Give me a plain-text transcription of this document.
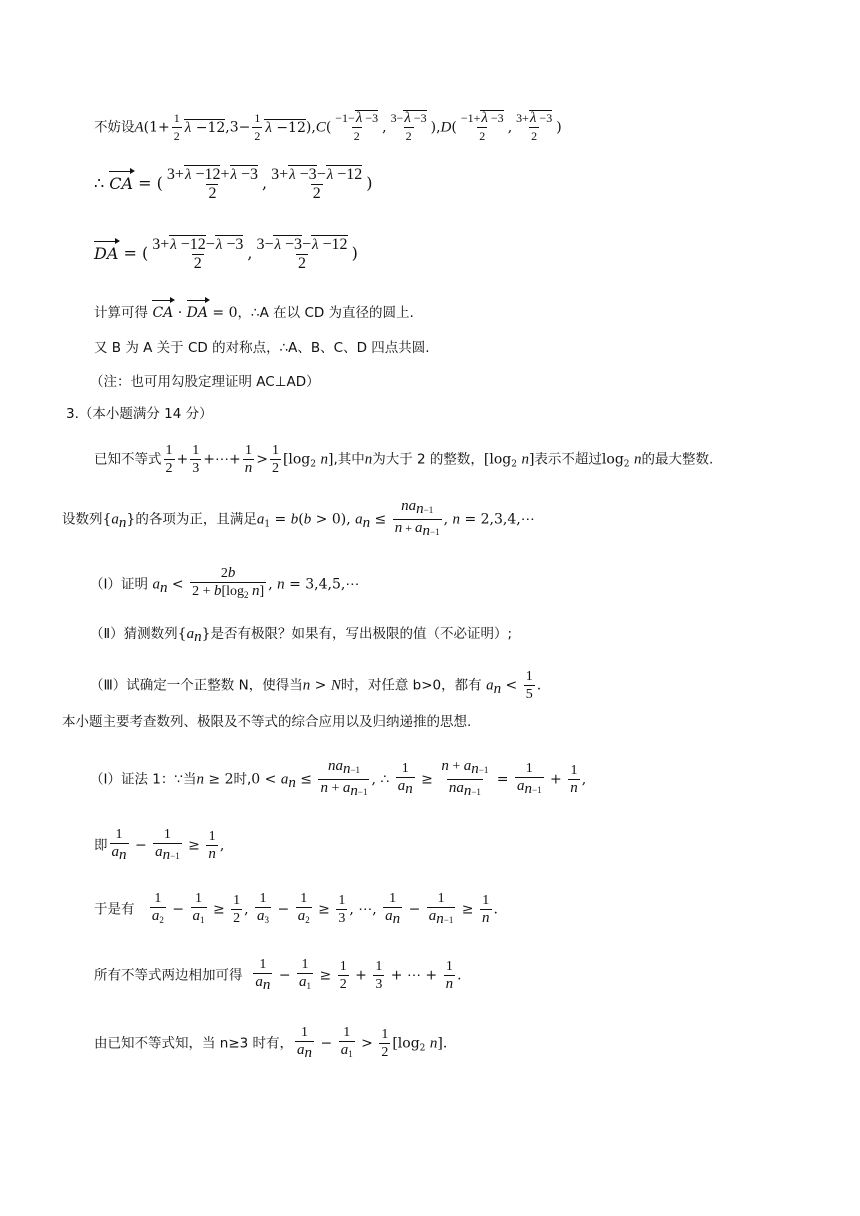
不妨设$A(1+ \frac{1}{2}$ $\lambda -12,3- \frac{1}{2}$ $\lambda -12),C( \frac{-1-\lambda -3}{2}$ , $\frac{3-\lambda -3}{2} ),D( \frac{-1+\lambda -3}{2}$ , $\frac{3+\lambda -3}{2}$ )
∴ CA = ( $\frac{3+\lambda -12+\lambda -3}{2}$ , $\frac{3+\lambda -3-\lambda -12}{2}$ )
DA = ( $\frac{3+\lambda -12-\lambda -3}{2}$ , $\frac{3-\lambda -3-\lambda -12}{2}$ )
计算可得 CA · DA = 0，∴A 在以 CD 为直径的圆上.
又 B 为 A 关于 CD 的对称点，∴A、B、C、D 四点共圆.
（注：也可用勾股定理证明 AC⊥AD）
3.（本小题满分 14 分）
已知不等式 $\frac{1}{2} + \frac{1}{3}$ +⋯+ $\frac{1}{n} > \frac{1}{2} [\log_2$ n],其中n为大于 2 的整数，[$\log_2$ n]表示不超过$\log_2 n$的最大整数.
设数列$\{a_n\}$的各项为正，且满足$a_1 = b(b > 0)$, $a_n \le \frac{na_{n-1}}{n + a_{n-1}}$ , n = 2,3,4,⋯
（Ⅰ）证明 $a_n < \frac{2b}{2 + b[\log_2 n]}$ , n = 3,4,5,⋯
（Ⅱ）猜测数列$\{a_n\}$是否有极限？如果有，写出极限的值（不必证明）;
（Ⅲ）试确定一个正整数 N，使得当n > N时，对任意 b>0，都有 $a_n < \frac{1}{5}$ .
本小题主要考查数列、极限及不等式的综合应用以及归纳递推的思想.
（Ⅰ）证法 1：∵当n ≥ 2时$,0 < a_n \le \frac{na_{n-1}}{n + a_{n-1}}$ , ∴ $\frac{1}{a_n} \ge \frac{n + a_{n-1}}{na_{n-1}} = \frac{1}{a_{n-1}} + \frac{1}{n}$ ,
即 $\frac{1}{a_n} - \frac{1}{a_{n-1}} \ge \frac{1}{n}$ ,
于是有 $\frac{1}{a_2} - \frac{1}{a_1} \ge \frac{1}{2}$ , $\frac{1}{a_3} - \frac{1}{a_2} \ge \frac{1}{3}$ , ⋯, $\frac{1}{a_n} - \frac{1}{a_{n-1}} \ge \frac{1}{n}$ .
所有不等式两边相加可得 $\frac{1}{a_n} - \frac{1}{a_1} \ge \frac{1}{2} + \frac{1}{3}$ + ⋯ + $\frac{1}{n}$ .
由已知不等式知，当 n≥3 时有， $\frac{1}{a_n} - \frac{1}{a_1} > \frac{1}{2} [\log_2$ n].
